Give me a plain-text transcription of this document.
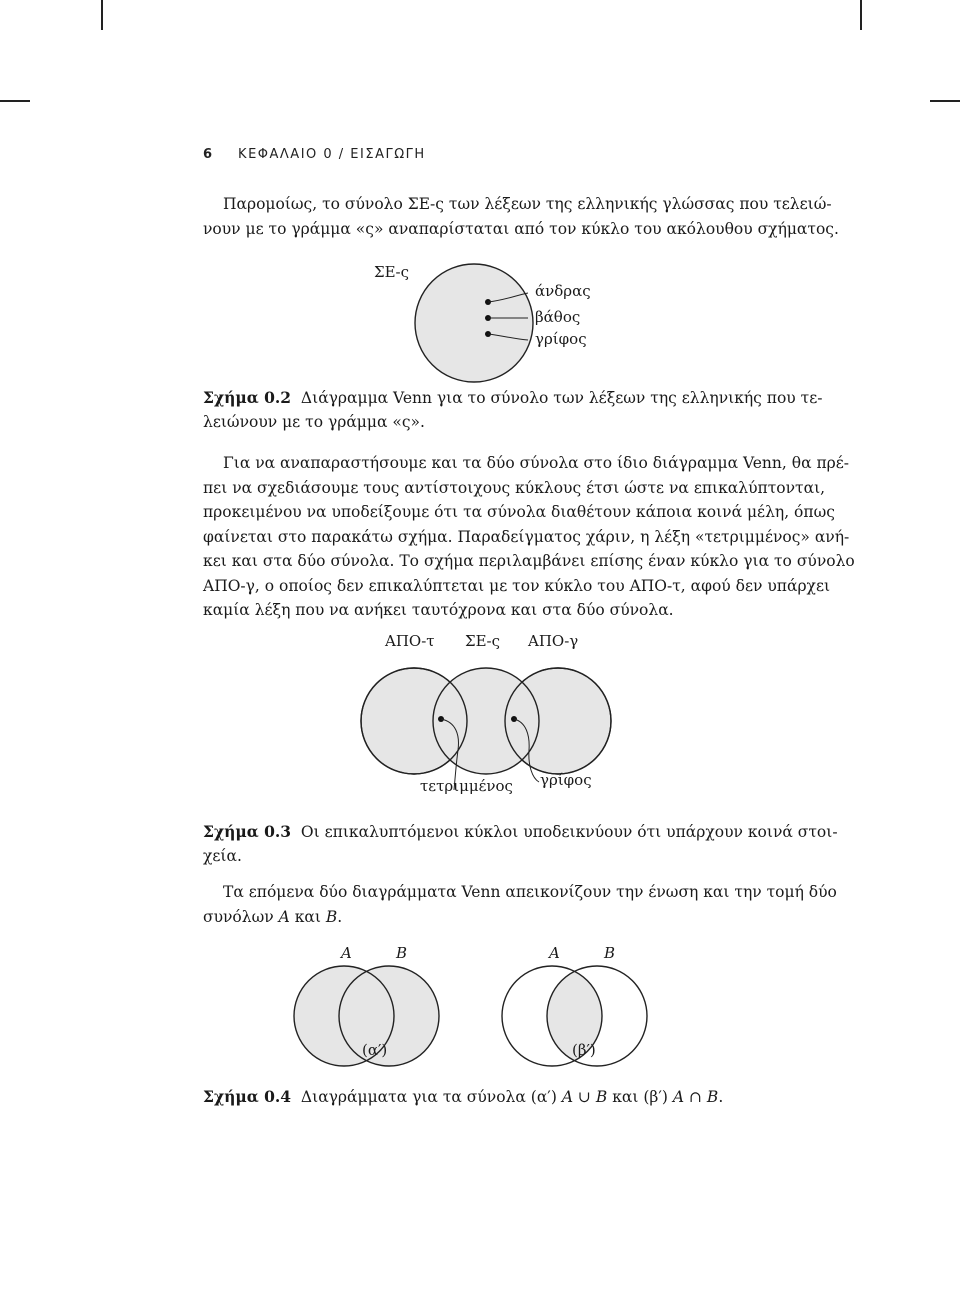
6 ΚΕΦΑΛΑΙΟ 0 / ΕΙΣΑΓΩΓΗ

Παρομοίως, το σύνολο ΣΕ-ς των λέξεων της ελληνικής γλώσσας που τελειώ-
νουν με το γράμμα «ς» αναπαρίσταται από τον κύκλο του ακόλουθου σχήματος.

ΣΕ-ς
άνδρας
βάθος
γρίφος

Σχήμα 0.2 Διάγραμμα Venn για το σύνολο των λέξεων της ελληνικής που τε-
λειώνουν με το γράμμα «ς».

Για να αναπαραστήσουμε και τα δύο σύνολα στο ίδιο διάγραμμα Venn, θα πρέ-
πει να σχεδιάσουμε τους αντίστοιχους κύκλους έτσι ώστε να επικαλύπτονται,
προκειμένου να υποδείξουμε ότι τα σύνολα διαθέτουν κάποια κοινά μέλη, όπως
φαίνεται στο παρακάτω σχήμα. Παραδείγματος χάριν, η λέξη «τετριμμένος» ανή-
κει και στα δύο σύνολα. Το σχήμα περιλαμβάνει επίσης έναν κύκλο για το σύνολο
ΑΠΟ-γ, ο οποίος δεν επικαλύπτεται με τον κύκλο του ΑΠΟ-τ, αφού δεν υπάρχει
καμία λέξη που να ανήκει ταυτόχρονα και στα δύο σύνολα.

ΑΠΟ-τ ΣΕ-ς ΑΠΟ-γ
τετριμμένος γρίφος

Σχήμα 0.3 Οι επικαλυπτόμενοι κύκλοι υποδεικνύουν ότι υπάρχουν κοινά στοι-
χεία.

Τα επόμενα δύο διαγράμματα Venn απεικονίζουν την ένωση και την τομή δύο
συνόλων A και B.

A	B	A	B
(α′)	(β′)

Σχήμα 0.4 Διαγράμματα για τα σύνολα (α′) A ∪ B και (β′) A ∩ B.
